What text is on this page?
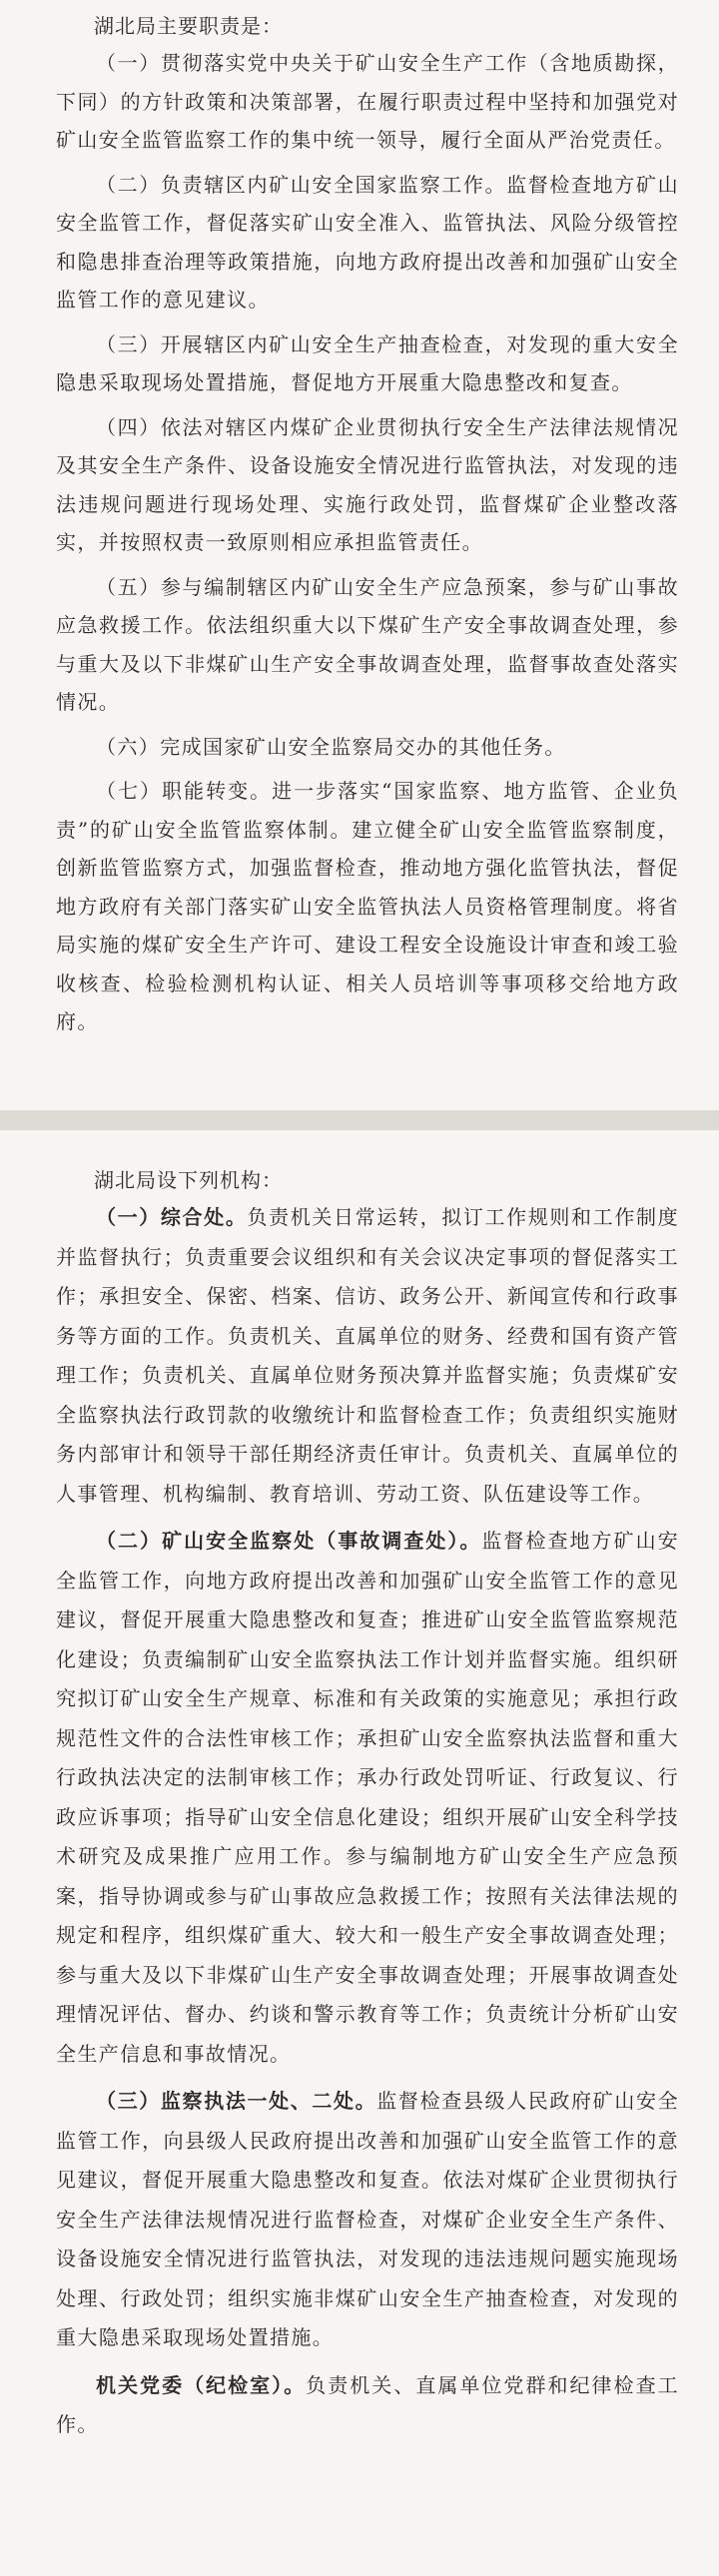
湖北局主要职责是：

（一）贯彻落实党中央关于矿山安全生产工作（含地质勘探，下同）的方针政策和决策部署，在履行职责过程中坚持和加强党对矿山安全监管监察工作的集中统一领导，履行全面从严治党责任。

（二）负责辖区内矿山安全国家监察工作。监督检查地方矿山安全监管工作，督促落实矿山安全准入、监管执法、风险分级管控和隐患排查治理等政策措施，向地方政府提出改善和加强矿山安全监管工作的意见建议。

（三）开展辖区内矿山安全生产抽查检查，对发现的重大安全隐患采取现场处置措施，督促地方开展重大隐患整改和复查。

（四）依法对辖区内煤矿企业贯彻执行安全生产法律法规情况及其安全生产条件、设备设施安全情况进行监管执法，对发现的违法违规问题进行现场处理、实施行政处罚，监督煤矿企业整改落实，并按照权责一致原则相应承担监管责任。

（五）参与编制辖区内矿山安全生产应急预案，参与矿山事故应急救援工作。依法组织重大以下煤矿生产安全事故调查处理，参与重大及以下非煤矿山生产安全事故调查处理，监督事故查处落实情况。

（六）完成国家矿山安全监察局交办的其他任务。

（七）职能转变。进一步落实“国家监察、地方监管、企业负责”的矿山安全监管监察体制。建立健全矿山安全监管监察制度，创新监管监察方式，加强监督检查，推动地方强化监管执法，督促地方政府有关部门落实矿山安全监管执法人员资格管理制度。将省局实施的煤矿安全生产许可、建设工程安全设施设计审查和竣工验收核查、检验检测机构认证、相关人员培训等事项移交给地方政府。

湖北局设下列机构：

（一）综合处。负责机关日常运转，拟订工作规则和工作制度并监督执行；负责重要会议组织和有关会议决定事项的督促落实工作；承担安全、保密、档案、信访、政务公开、新闻宣传和行政事务等方面的工作。负责机关、直属单位的财务、经费和国有资产管理工作；负责机关、直属单位财务预决算并监督实施；负责煤矿安全监察执法行政罚款的收缴统计和监督检查工作；负责组织实施财务内部审计和领导干部任期经济责任审计。负责机关、直属单位的人事管理、机构编制、教育培训、劳动工资、队伍建设等工作。

（二）矿山安全监察处（事故调查处）。监督检查地方矿山安全监管工作，向地方政府提出改善和加强矿山安全监管工作的意见建议，督促开展重大隐患整改和复查；推进矿山安全监管监察规范化建设；负责编制矿山安全监察执法工作计划并监督实施。组织研究拟订矿山安全生产规章、标准和有关政策的实施意见；承担行政规范性文件的合法性审核工作；承担矿山安全监察执法监督和重大行政执法决定的法制审核工作；承办行政处罚听证、行政复议、行政应诉事项；指导矿山安全信息化建设；组织开展矿山安全科学技术研究及成果推广应用工作。参与编制地方矿山安全生产应急预案，指导协调或参与矿山事故应急救援工作；按照有关法律法规的规定和程序，组织煤矿重大、较大和一般生产安全事故调查处理；参与重大及以下非煤矿山生产安全事故调查处理；开展事故调查处理情况评估、督办、约谈和警示教育等工作；负责统计分析矿山安全生产信息和事故情况。

（三）监察执法一处、二处。监督检查县级人民政府矿山安全监管工作，向县级人民政府提出改善和加强矿山安全监管工作的意见建议，督促开展重大隐患整改和复查。依法对煤矿企业贯彻执行安全生产法律法规情况进行监督检查，对煤矿企业安全生产条件、设备设施安全情况进行监管执法，对发现的违法违规问题实施现场处理、行政处罚；组织实施非煤矿山安全生产抽查检查，对发现的重大隐患采取现场处置措施。

机关党委（纪检室）。负责机关、直属单位党群和纪律检查工作。
